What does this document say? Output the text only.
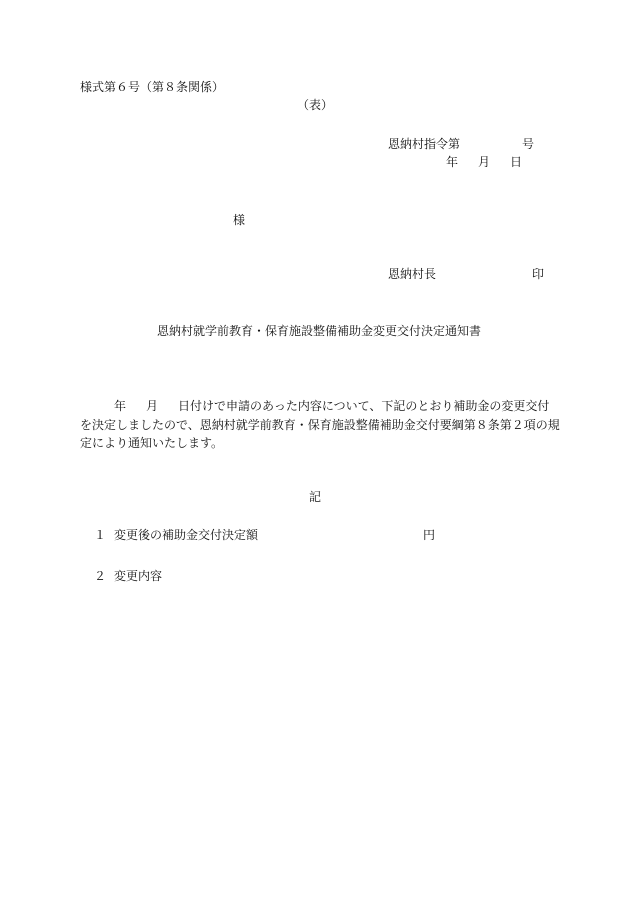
様式第６号（第８条関係）
（表）
恩納村指令第	号
年 月 日
様
恩納村長	印
恩納村就学前教育・保育施設整備補助金変更交付決定通知書
年 月 日付けで申請のあった内容について、下記のとおり補助金の変更交付を決定しましたので、恩納村就学前教育・保育施設整備補助金交付要綱第８条第２項の規定により通知いたします。
記
１ 変更後の補助金交付決定額	円
２ 変更内容
